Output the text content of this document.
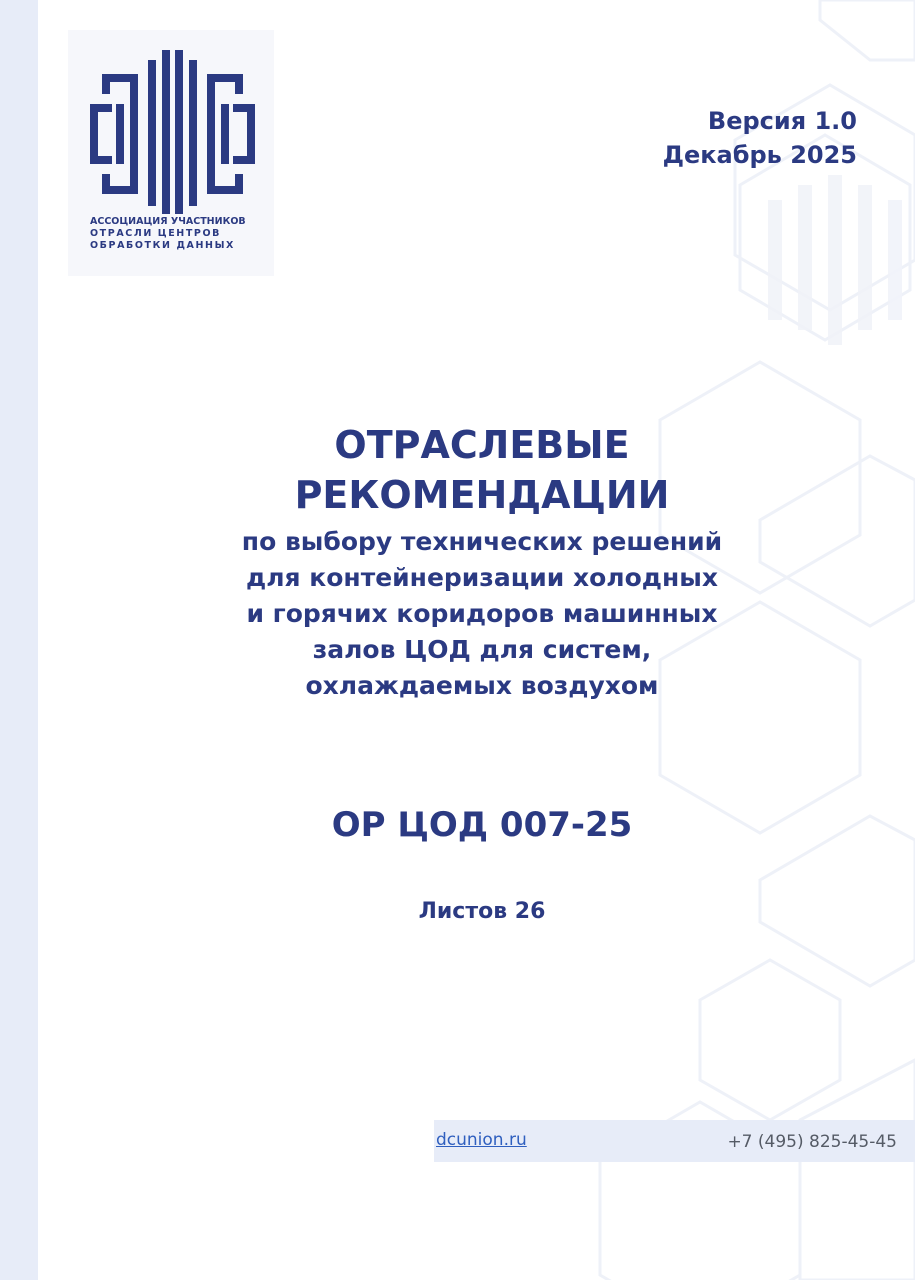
АССОЦИАЦИЯ УЧАСТНИКОВ
ОТРАСЛИ ЦЕНТРОВ
ОБРАБОТКИ ДАННЫХ
Версия 1.0
Декабрь 2025
ОТРАСЛЕВЫЕ
РЕКОМЕНДАЦИИ
по выбору технических решений
для контейнеризации холодных
и горячих коридоров машинных
залов ЦОД для систем,
охлаждаемых воздухом
ОР ЦОД 007-25
Листов 26
dcunion.ru	+7 (495) 825-45-45
